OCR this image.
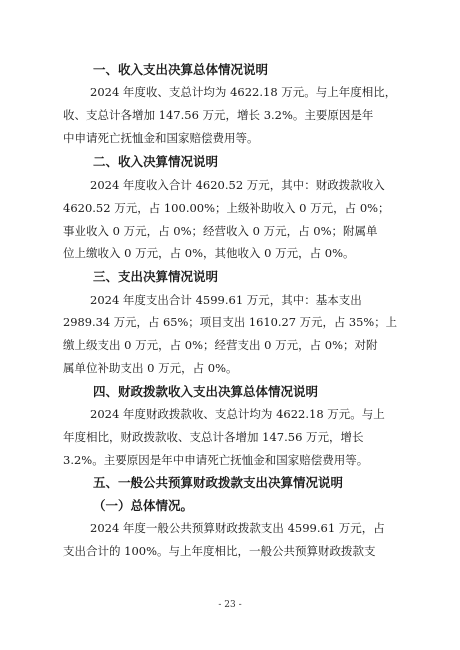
一、收入支出决算总体情况说明
2024 年度收、支总计均为 4622.18 万元。与上年度相比，
收、支总计各增加 147.56 万元，增长 3.2%。主要原因是年
中申请死亡抚恤金和国家赔偿费用等。
二、收入决算情况说明
2024 年度收入合计 4620.52 万元，其中：财政拨款收入
4620.52 万元，占 100.00%；上级补助收入 0 万元，占 0%；
事业收入 0 万元，占 0%；经营收入 0 万元，占 0%；附属单
位上缴收入 0 万元，占 0%，其他收入 0 万元，占 0%。
三、支出决算情况说明
2024 年度支出合计 4599.61 万元，其中：基本支出
2989.34 万元，占 65%；项目支出 1610.27 万元，占 35%；上
缴上级支出 0 万元，占 0%；经营支出 0 万元，占 0%；对附
属单位补助支出 0 万元，占 0%。
四、财政拨款收入支出决算总体情况说明
2024 年度财政拨款收、支总计均为 4622.18 万元。与上
年度相比，财政拨款收、支总计各增加 147.56 万元，增长
3.2%。主要原因是年中申请死亡抚恤金和国家赔偿费用等。
五、一般公共预算财政拨款支出决算情况说明
（一）总体情况。
2024 年度一般公共预算财政拨款支出 4599.61 万元，占
支出合计的 100%。与上年度相比，一般公共预算财政拨款支
- 23 -
